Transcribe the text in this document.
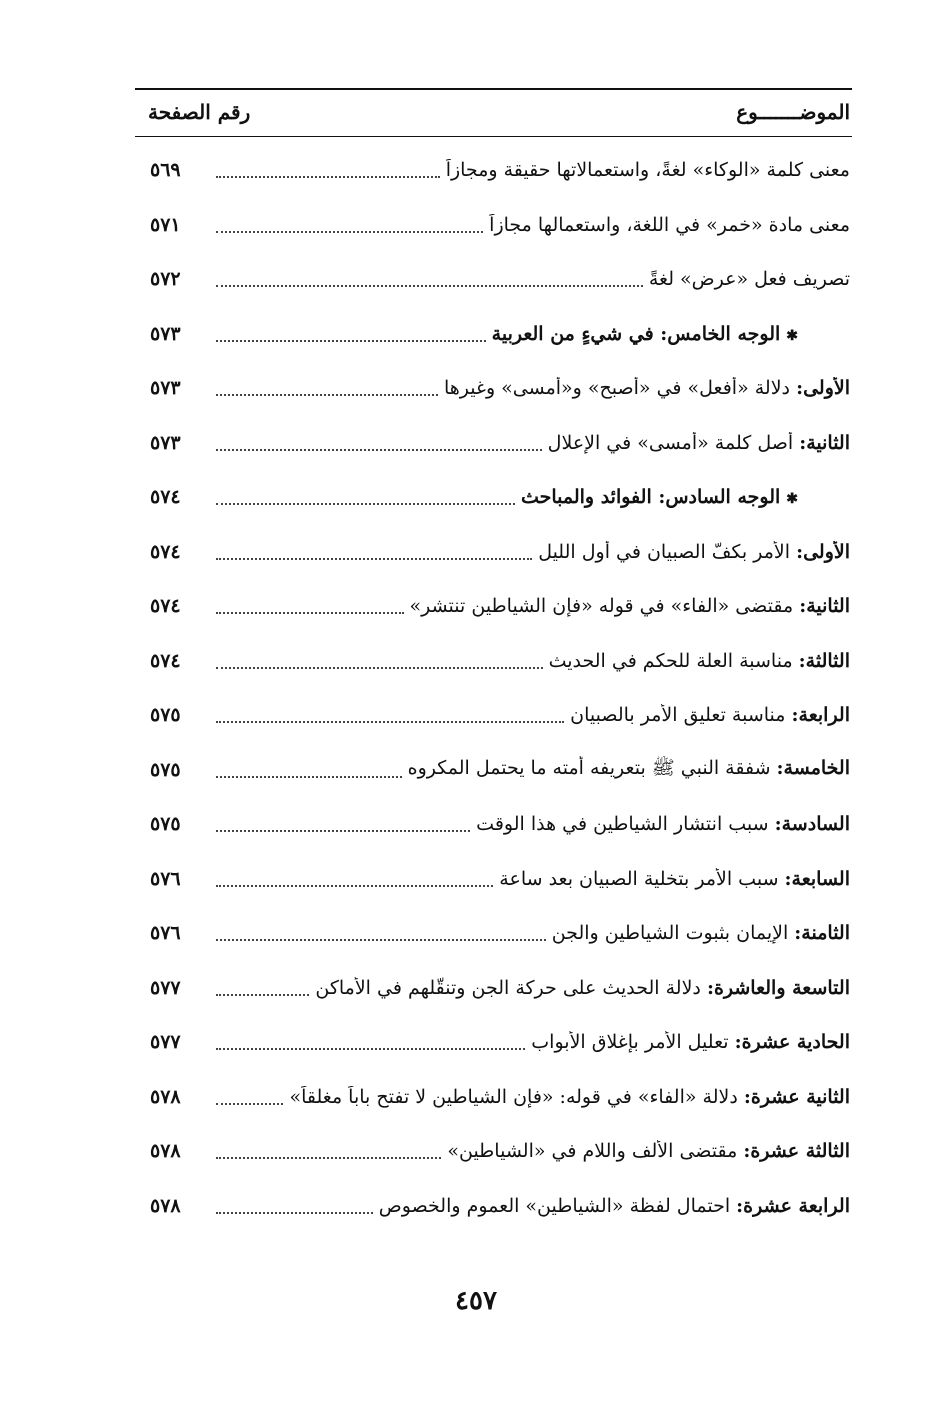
الموضـــــــوع
رقم الصفحة
معنى كلمة «الوكاء» لغةً، واستعمالاتها حقيقة ومجازاً
٥٦٩
معنى مادة «خمر» في اللغة، واستعمالها مجازاً
٥٧١
تصريف فعل «عرض» لغةً
٥٧٢
✱ الوجه الخامس: في شيءٍ من العربية
٥٧٣
الأولى: دلالة «أفعل» في «أصبح» و«أمسى» وغيرها
٥٧٣
الثانية: أصل كلمة «أمسى» في الإعلال
٥٧٣
✱ الوجه السادس: الفوائد والمباحث
٥٧٤
الأولى: الأمر بكفّ الصبيان في أول الليل
٥٧٤
الثانية: مقتضى «الفاء» في قوله «فإن الشياطين تنتشر»
٥٧٤
الثالثة: مناسبة العلة للحكم في الحديث
٥٧٤
الرابعة: مناسبة تعليق الأمر بالصبيان
٥٧٥
الخامسة: شفقة النبي ﷺ بتعريفه أمته ما يحتمل المكروه
٥٧٥
السادسة: سبب انتشار الشياطين في هذا الوقت
٥٧٥
السابعة: سبب الأمر بتخلية الصبيان بعد ساعة
٥٧٦
الثامنة: الإيمان بثبوت الشياطين والجن
٥٧٦
التاسعة والعاشرة: دلالة الحديث على حركة الجن وتنقّلهم في الأماكن
٥٧٧
الحادية عشرة: تعليل الأمر بإغلاق الأبواب
٥٧٧
الثانية عشرة: دلالة «الفاء» في قوله: «فإن الشياطين لا تفتح باباً مغلقاً»
٥٧٨
الثالثة عشرة: مقتضى الألف واللام في «الشياطين»
٥٧٨
الرابعة عشرة: احتمال لفظة «الشياطين» العموم والخصوص
٥٧٨
٤٥٧
